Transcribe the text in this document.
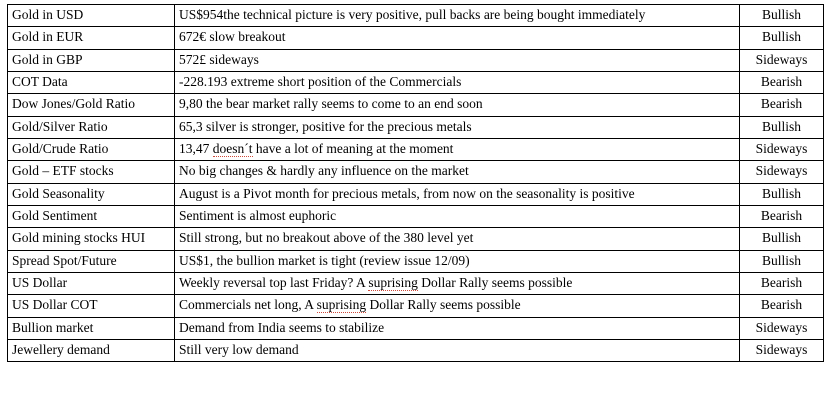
Gold in USD	US$954the technical picture is very positive, pull backs are being bought immediately	Bullish
Gold in EUR	672€ slow breakout	Bullish
Gold in GBP	572£ sideways	Sideways
COT Data	-228.193 extreme short position of the Commercials	Bearish
Dow Jones/Gold Ratio	9,80 the bear market rally seems to come to an end soon	Bearish
Gold/Silver Ratio	65,3 silver is stronger, positive for the precious metals	Bullish
Gold/Crude Ratio	13,47 doesn´t have a lot of meaning at the moment	Sideways
Gold – ETF stocks	No big changes & hardly any influence on the market	Sideways
Gold Seasonality	August is a Pivot month for precious metals, from now on the seasonality is positive	Bullish
Gold Sentiment	Sentiment is almost euphoric	Bearish
Gold mining stocks HUI	Still strong, but no breakout above of the 380 level yet	Bullish
Spread Spot/Future	US$1, the bullion market is tight (review issue 12/09)	Bullish
US Dollar	Weekly reversal top last Friday? A suprising Dollar Rally seems possible	Bearish
US Dollar COT	Commercials net long, A suprising Dollar Rally seems possible	Bearish
Bullion market	Demand from India seems to stabilize	Sideways
Jewellery demand	Still very low demand	Sideways
